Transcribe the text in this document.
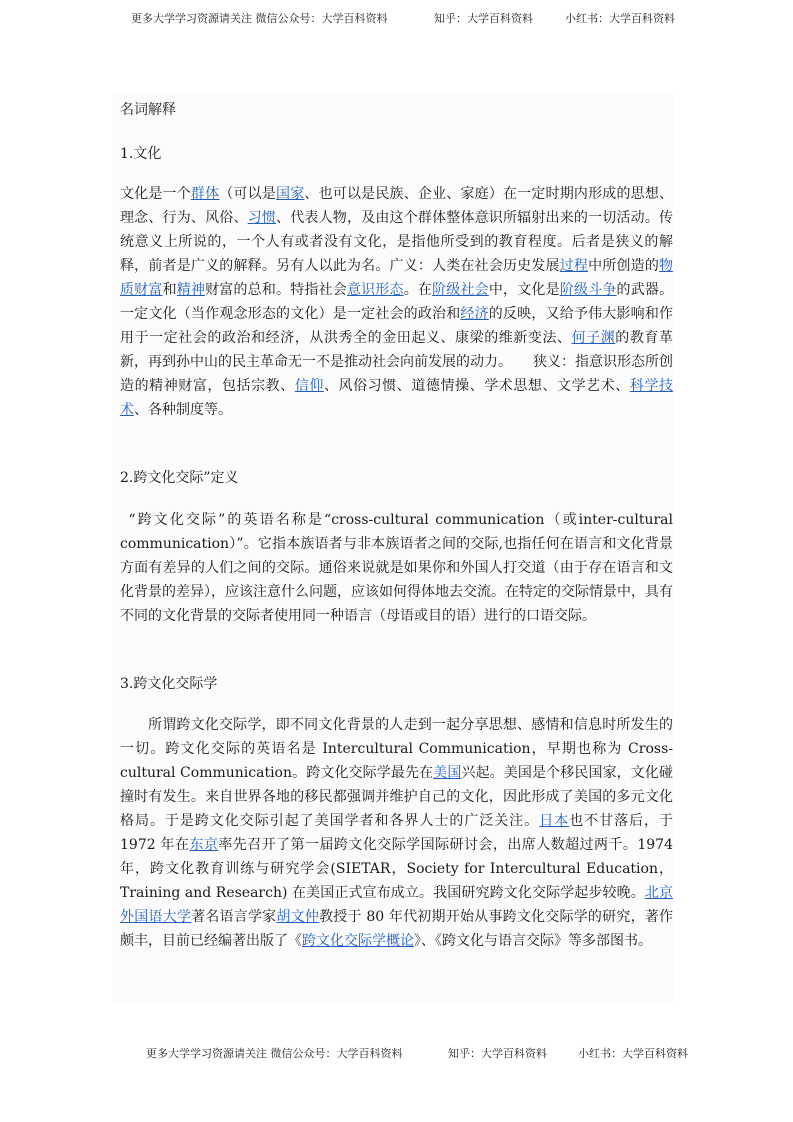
更多大学学习资源请关注 微信公众号：大学百科资料	知乎：大学百科资料	小红书：大学百科资料

名词解释

1.文化

文化是一个群体（可以是国家、也可以是民族、企业、家庭）在一定时期内形成的思想、理念、行为、风俗、习惯、代表人物，及由这个群体整体意识所辐射出来的一切活动。传统意义上所说的，一个人有或者没有文化，是指他所受到的教育程度。后者是狭义的解释，前者是广义的解释。另有人以此为名。广义：人类在社会历史发展过程中所创造的物质财富和精神财富的总和。特指社会意识形态。在阶级社会中，文化是阶级斗争的武器。一定文化（当作观念形态的文化）是一定社会的政治和经济的反映，又给予伟大影响和作用于一定社会的政治和经济，从洪秀全的金田起义、康梁的维新变法、何子渊的教育革新，再到孙中山的民主革命无一不是推动社会向前发展的动力。　　狭义：指意识形态所创造的精神财富，包括宗教、信仰、风俗习惯、道德情操、学术思想、文学艺术、科学技术、各种制度等。

2.跨文化交际”定义

“跨文化交际”的英语名称是“cross-cultural communication（或inter-cultural communication）”。它指本族语者与非本族语者之间的交际,也指任何在语言和文化背景方面有差异的人们之间的交际。通俗来说就是如果你和外国人打交道（由于存在语言和文化背景的差异），应该注意什么问题，应该如何得体地去交流。在特定的交际情景中，具有不同的文化背景的交际者使用同一种语言（母语或目的语）进行的口语交际。

3.跨文化交际学

所谓跨文化交际学，即不同文化背景的人走到一起分享思想、感情和信息时所发生的一切。跨文化交际的英语名是 Intercultural Communication，早期也称为 Cross-cultural Communication。跨文化交际学最先在美国兴起。美国是个移民国家，文化碰撞时有发生。来自世界各地的移民都强调并维护自己的文化，因此形成了美国的多元文化格局。于是跨文化交际引起了美国学者和各界人士的广泛关注。日本也不甘落后，于 1972 年在东京率先召开了第一届跨文化交际学国际研讨会，出席人数超过两千。1974 年，跨文化教育训练与研究学会(SIETAR，Society for Intercultural Education，Training and Research) 在美国正式宣布成立。我国研究跨文化交际学起步较晚。北京外国语大学著名语言学家胡文仲教授于 80 年代初期开始从事跨文化交际学的研究，著作颇丰，目前已经编著出版了《跨文化交际学概论》、《跨文化与语言交际》等多部图书。

更多大学学习资源请关注 微信公众号：大学百科资料	知乎：大学百科资料	小红书：大学百科资料
